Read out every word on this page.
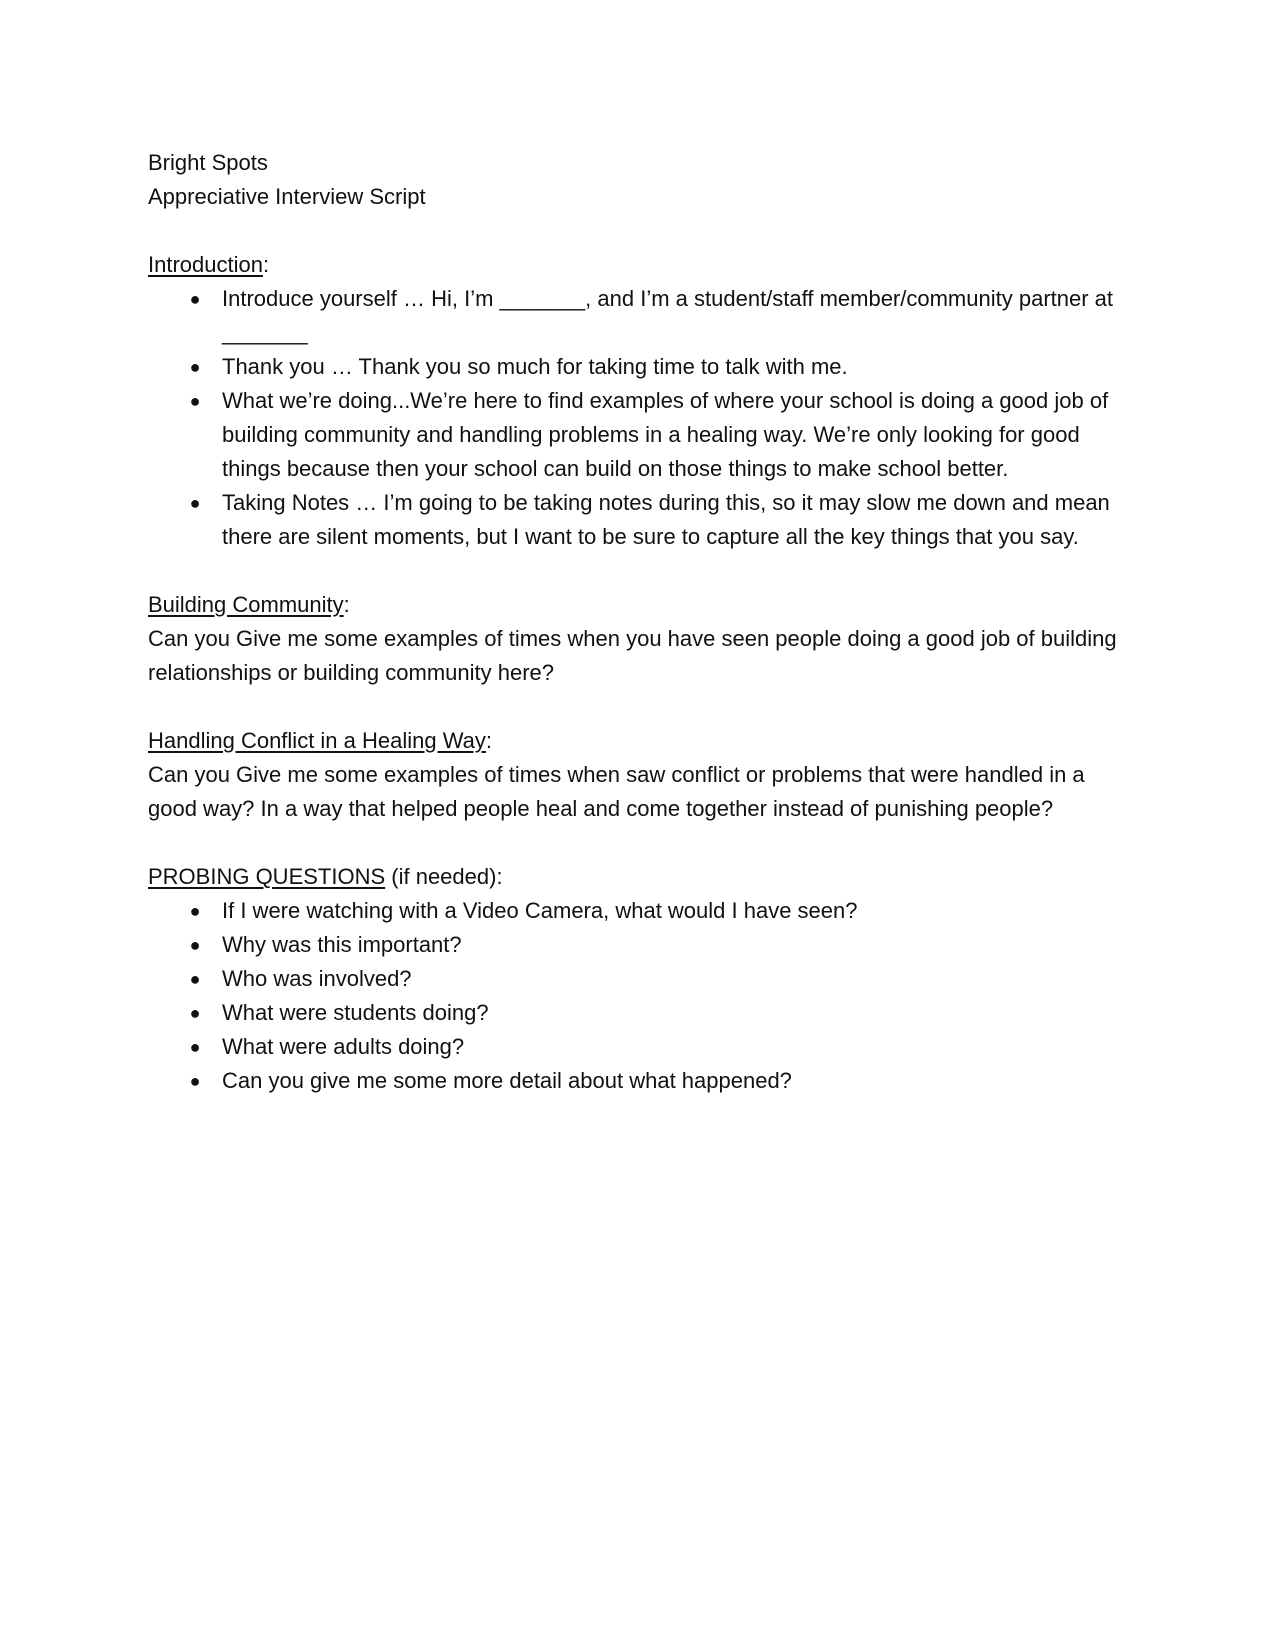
Bright Spots

Appreciative Interview Script

Introduction:

● Introduce yourself … Hi, I’m _______, and I’m a student/staff member/community partner at _______
● Thank you … Thank you so much for taking time to talk with me.
● What we’re doing...We’re here to find examples of where your school is doing a good job of building community and handling problems in a healing way. We’re only looking for good things because then your school can build on those things to make school better.
● Taking Notes … I’m going to be taking notes during this, so it may slow me down and mean there are silent moments, but I want to be sure to capture all the key things that you say.

Building Community:

Can you Give me some examples of times when you have seen people doing a good job of building relationships or building community here?

Handling Conflict in a Healing Way:

Can you Give me some examples of times when saw conflict or problems that were handled in a good way? In a way that helped people heal and come together instead of punishing people?

PROBING QUESTIONS (if needed):

● If I were watching with a Video Camera, what would I have seen?
● Why was this important?
● Who was involved?
● What were students doing?
● What were adults doing?
● Can you give me some more detail about what happened?
